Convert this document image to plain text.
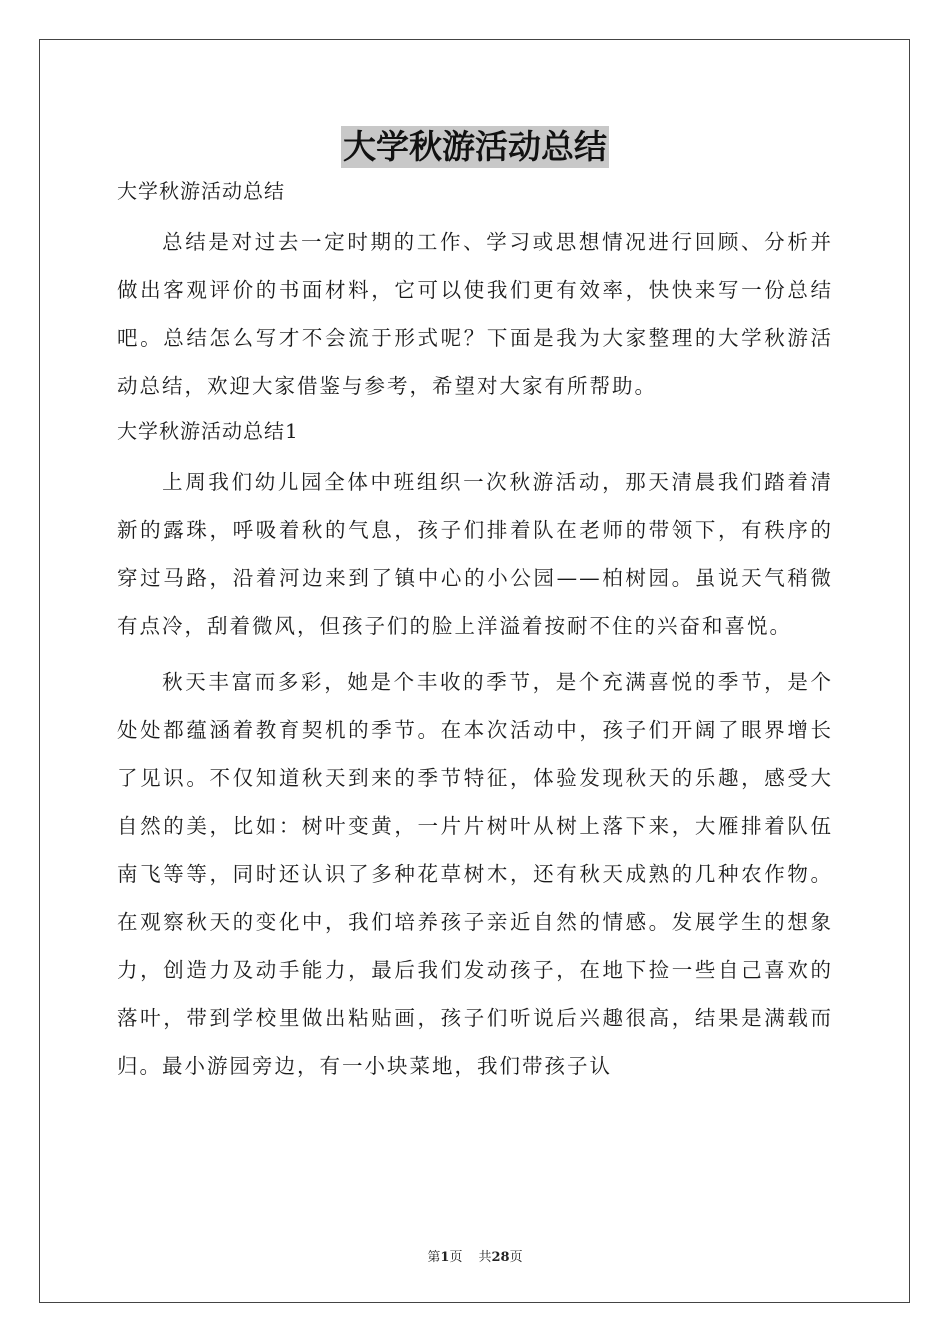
大学秋游活动总结
大学秋游活动总结

总结是对过去一定时期的工作、学习或思想情况进行回顾、分析并做出客观评价的书面材料，它可以使我们更有效率，快快来写一份总结吧。总结怎么写才不会流于形式呢？下面是我为大家整理的大学秋游活动总结，欢迎大家借鉴与参考，希望对大家有所帮助。

大学秋游活动总结1

上周我们幼儿园全体中班组织一次秋游活动，那天清晨我们踏着清新的露珠，呼吸着秋的气息，孩子们排着队在老师的带领下，有秩序的穿过马路，沿着河边来到了镇中心的小公园——柏树园。虽说天气稍微有点冷，刮着微风，但孩子们的脸上洋溢着按耐不住的兴奋和喜悦。

秋天丰富而多彩，她是个丰收的季节，是个充满喜悦的季节，是个处处都蕴涵着教育契机的季节。在本次活动中，孩子们开阔了眼界增长了见识。不仅知道秋天到来的季节特征，体验发现秋天的乐趣，感受大自然的美，比如：树叶变黄，一片片树叶从树上落下来，大雁排着队伍南飞等等，同时还认识了多种花草树木，还有秋天成熟的几种农作物。在观察秋天的变化中，我们培养孩子亲近自然的情感。发展学生的想象力，创造力及动手能力，最后我们发动孩子，在地下捡一些自己喜欢的落叶，带到学校里做出粘贴画，孩子们听说后兴趣很高，结果是满载而归。最小游园旁边，有一小块菜地，我们带孩子认

第1页 共28页
